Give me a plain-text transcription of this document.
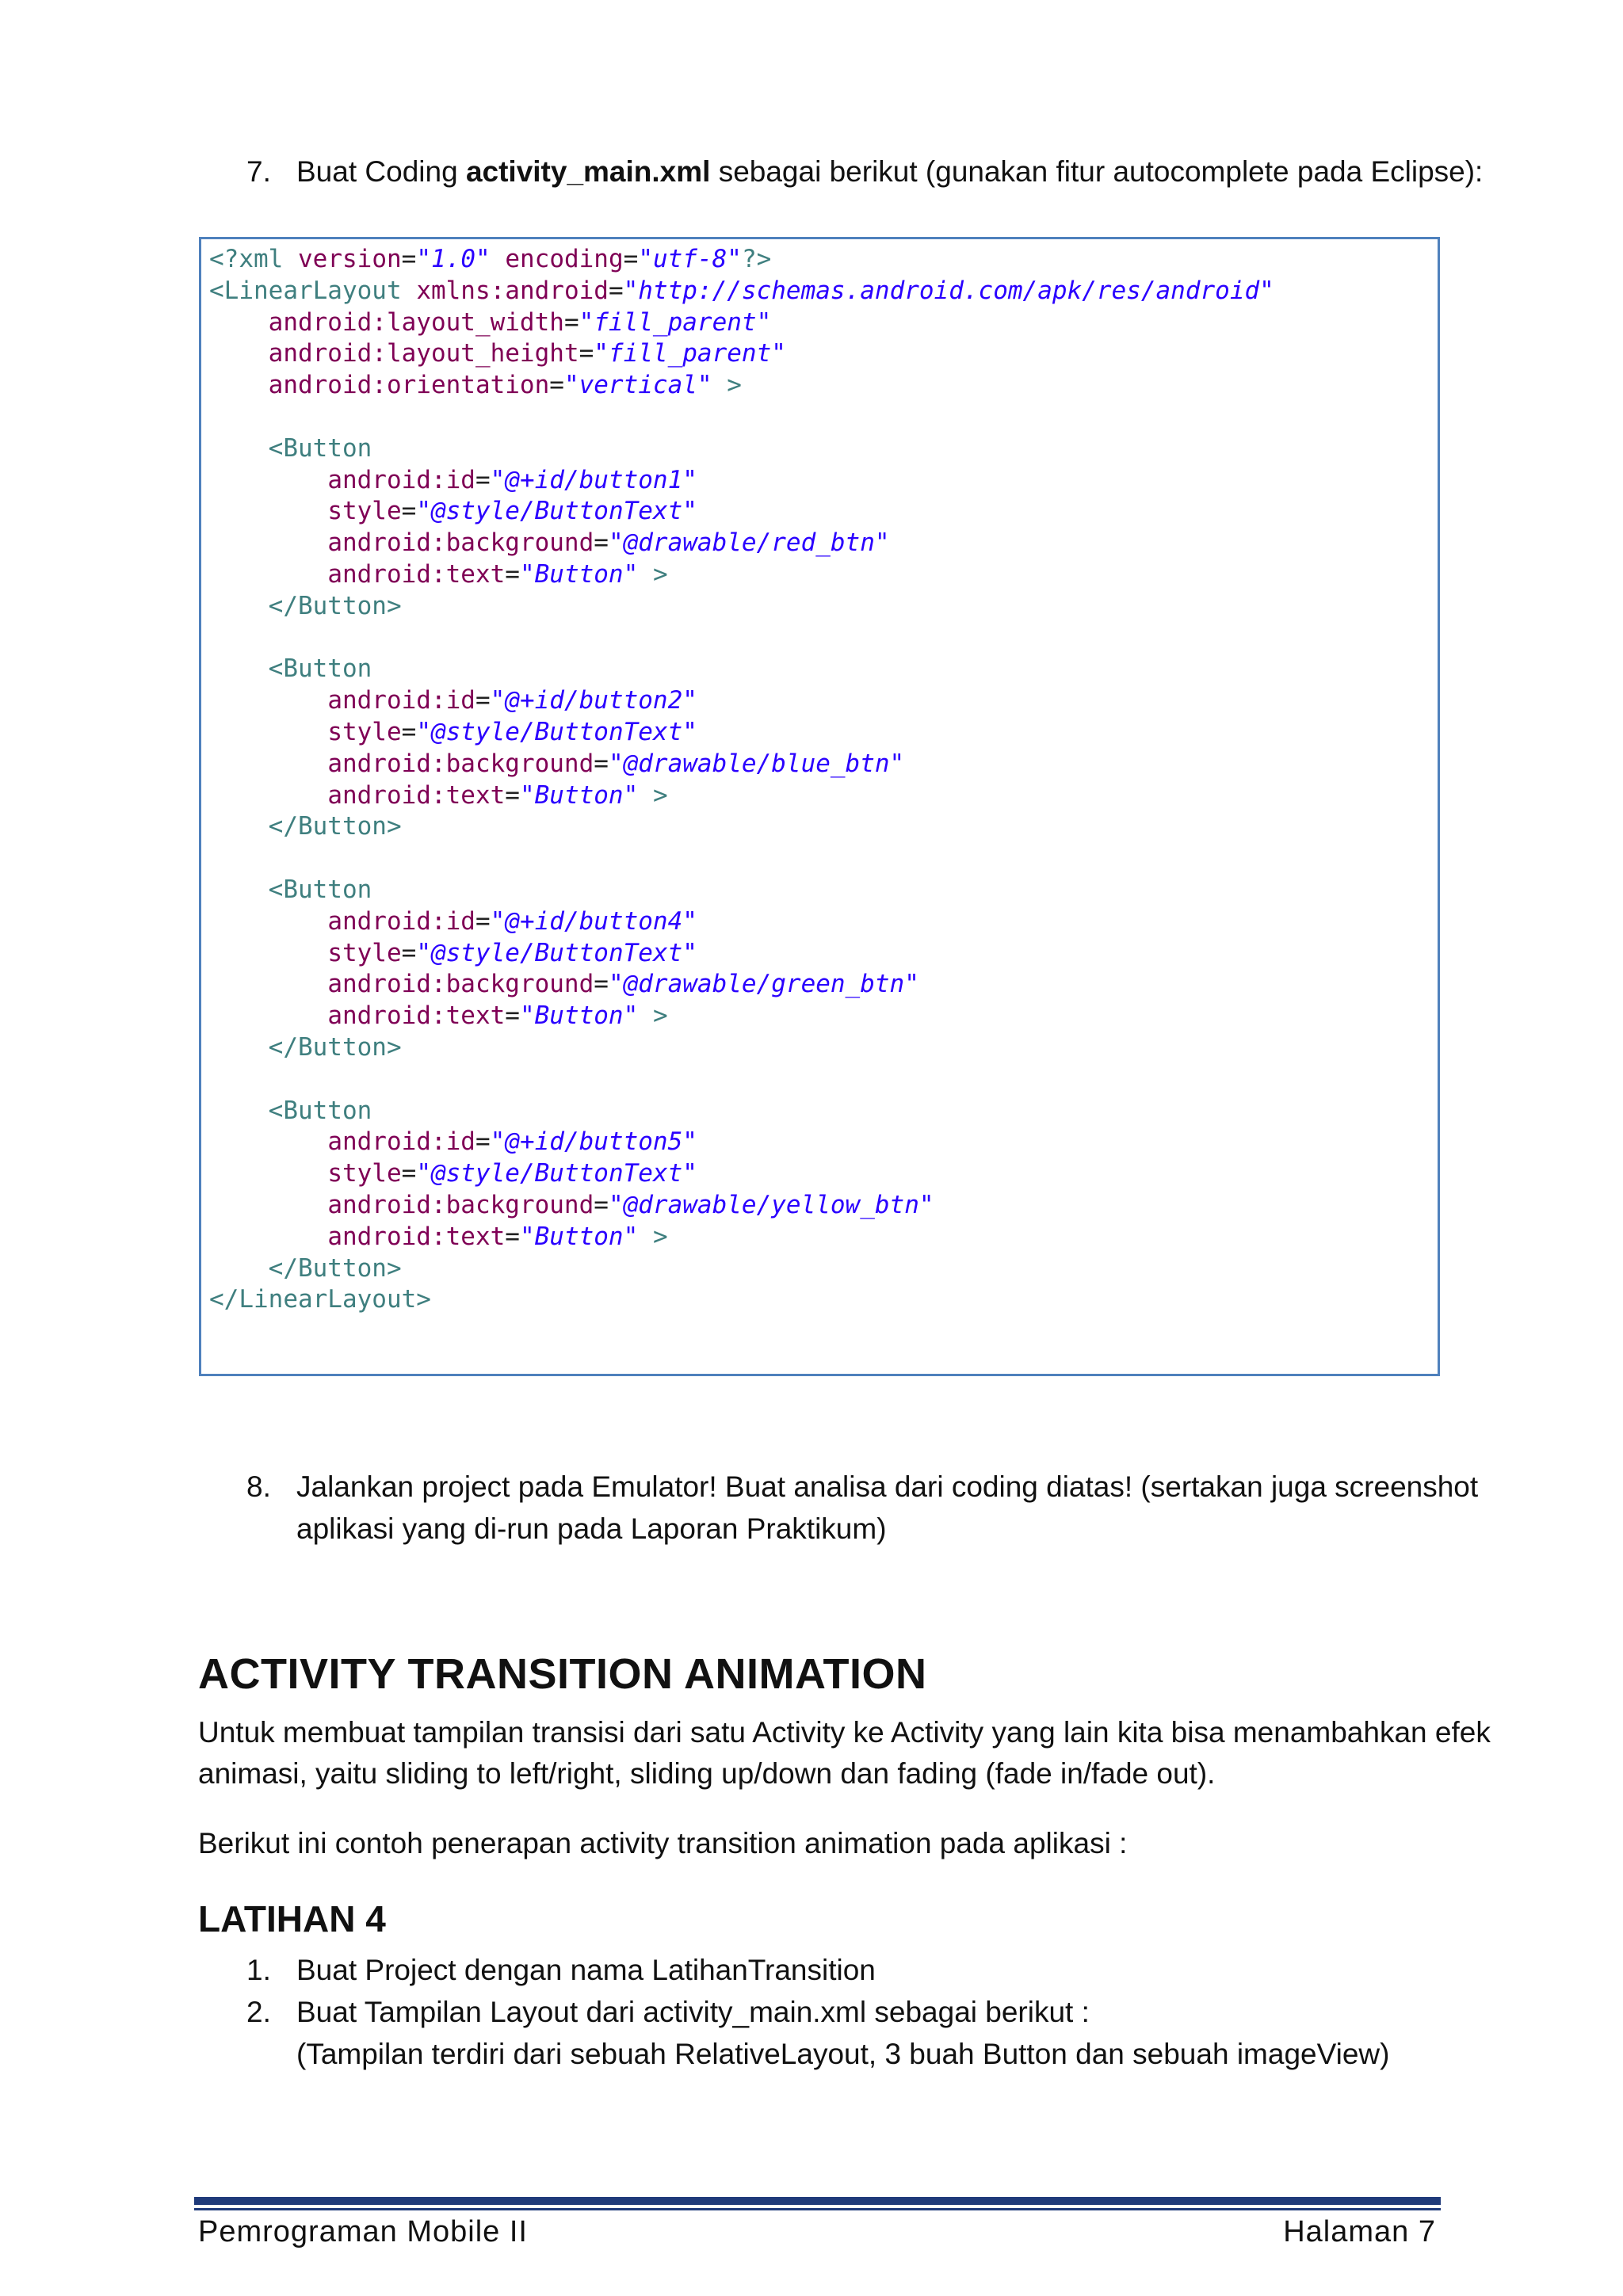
7. Buat Coding activity_main.xml sebagai berikut (gunakan fitur autocomplete pada Eclipse):
<?xml version="1.0" encoding="utf-8"?>
<LinearLayout xmlns:android="http://schemas.android.com/apk/res/android"
android:layout_width="fill_parent"
android:layout_height="fill_parent"
android:orientation="vertical" >

<Button
android:id="@+id/button1"
style="@style/ButtonText"
android:background="@drawable/red_btn"
android:text="Button" >
</Button>

<Button
android:id="@+id/button2"
style="@style/ButtonText"
android:background="@drawable/blue_btn"
android:text="Button" >
</Button>

<Button
android:id="@+id/button4"
style="@style/ButtonText"
android:background="@drawable/green_btn"
android:text="Button" >
</Button>

<Button
android:id="@+id/button5"
style="@style/ButtonText"
android:background="@drawable/yellow_btn"
android:text="Button" >
</Button>
</LinearLayout>
8. Jalankan project pada Emulator! Buat analisa dari coding diatas! (sertakan juga screenshot
aplikasi yang di-run pada Laporan Praktikum)
ACTIVITY TRANSITION ANIMATION
Untuk membuat tampilan transisi dari satu Activity ke Activity yang lain kita bisa menambahkan efek
animasi, yaitu sliding to left/right, sliding up/down dan fading (fade in/fade out).
Berikut ini contoh penerapan activity transition animation pada aplikasi :
LATIHAN 4
1. Buat Project dengan nama LatihanTransition
2. Buat Tampilan Layout dari activity_main.xml sebagai berikut :
(Tampilan terdiri dari sebuah RelativeLayout, 3 buah Button dan sebuah imageView)
Pemrograman Mobile II	Halaman 7
